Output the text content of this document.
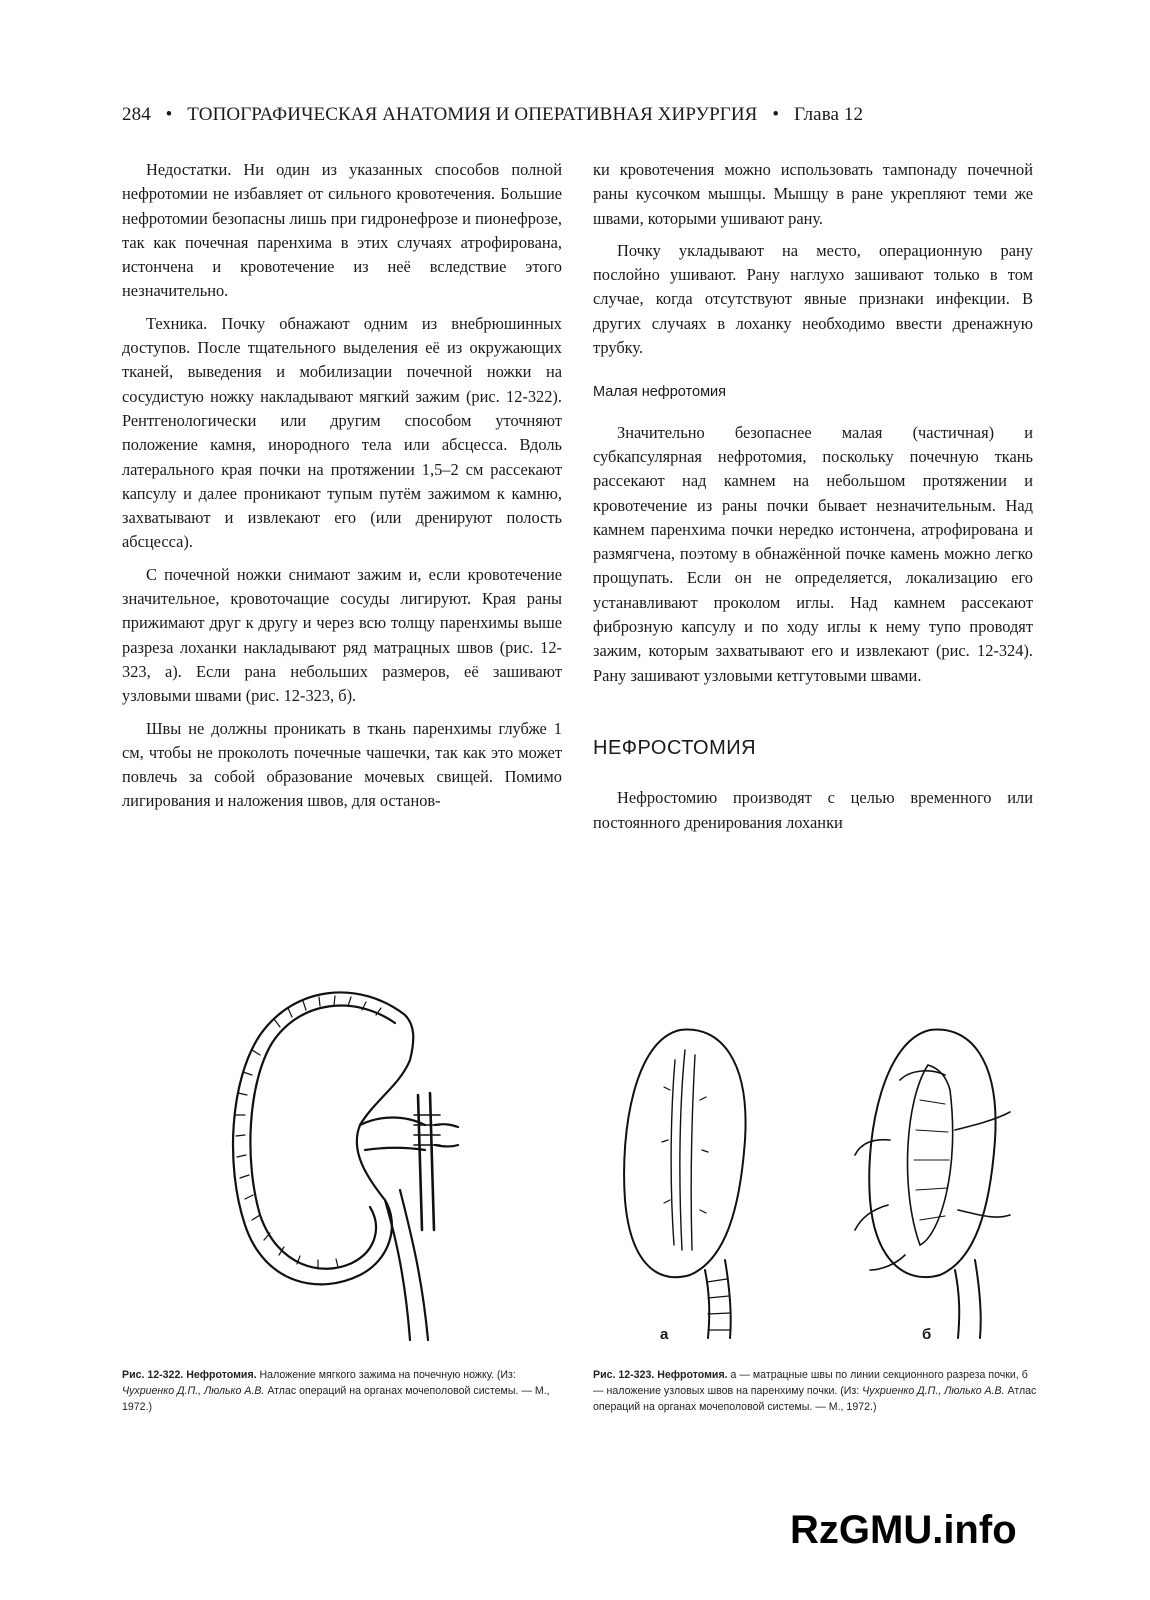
284 • ТОПОГРАФИЧЕСКАЯ АНАТОМИЯ И ОПЕРАТИВНАЯ ХИРУРГИЯ • Глава 12

Недостатки. Ни один из указанных способов полной нефротомии не избавляет от сильного кровотечения. Большие нефротомии безопасны лишь при гидронефрозе и пионефрозе, так как почечная паренхима в этих случаях атрофирована, истончена и кровотечение из неё вследствие этого незначительно.

Техника. Почку обнажают одним из внебрюшинных доступов. После тщательного выделения её из окружающих тканей, выведения и мобилизации почечной ножки на сосудистую ножку накладывают мягкий зажим (рис. 12-322). Рентгенологически или другим способом уточняют положение камня, инородного тела или абсцесса. Вдоль латерального края почки на протяжении 1,5–2 см рассекают капсулу и далее проникают тупым путём зажимом к камню, захватывают и извлекают его (или дренируют полость абсцесса).

С почечной ножки снимают зажим и, если кровотечение значительное, кровоточащие сосуды лигируют. Края раны прижимают друг к другу и через всю толщу паренхимы выше разреза лоханки накладывают ряд матрацных швов (рис. 12-323, а). Если рана небольших размеров, её зашивают узловыми швами (рис. 12-323, б).

Швы не должны проникать в ткань паренхимы глубже 1 см, чтобы не проколоть почечные чашечки, так как это может повлечь за собой образование мочевых свищей. Помимо лигирования и наложения швов, для останов-

ки кровотечения можно использовать тампонаду почечной раны кусочком мышцы. Мышцу в ране укрепляют теми же швами, которыми ушивают рану.

Почку укладывают на место, операционную рану послойно ушивают. Рану наглухо зашивают только в том случае, когда отсутствуют явные признаки инфекции. В других случаях в лоханку необходимо ввести дренажную трубку.

Малая нефротомия

Значительно безопаснее малая (частичная) и субкапсулярная нефротомия, поскольку почечную ткань рассекают над камнем на небольшом протяжении и кровотечение из раны почки бывает незначительным. Над камнем паренхима почки нередко истончена, атрофирована и размягчена, поэтому в обнажённой почке камень можно легко прощупать. Если он не определяется, локализацию его устанавливают проколом иглы. Над камнем рассекают фиброзную капсулу и по ходу иглы к нему тупо проводят зажим, которым захватывают его и извлекают (рис. 12-324). Рану зашивают узловыми кетгутовыми швами.

НЕФРОСТОМИЯ

Нефростомию производят с целью временного или постоянного дренирования лоханки

а	б
Рис. 12-322. Нефротомия. Наложение мягкого зажима на почечную ножку. (Из: Чухриенко Д.П., Люлько А.В. Атлас операций на органах мочеполовой системы. — М., 1972.)
Рис. 12-323. Нефротомия. а — матрацные швы по линии секционного разреза почки, б — наложение узловых швов на паренхиму почки. (Из: Чухриенко Д.П., Люлько А.В. Атлас операций на органах мочеполовой системы. — М., 1972.)
RzGMU.info
